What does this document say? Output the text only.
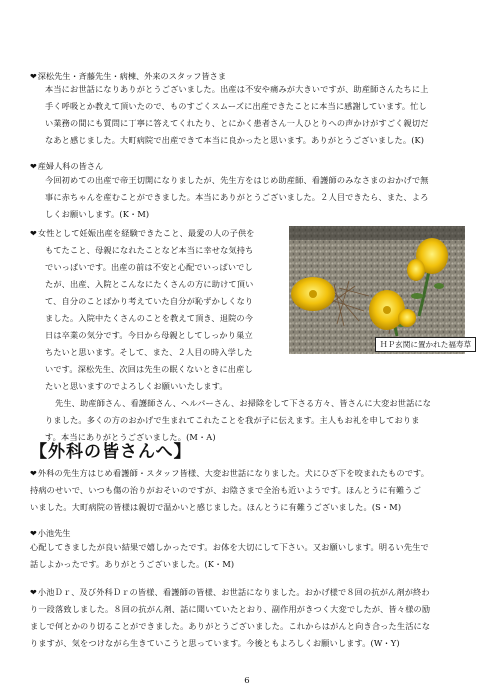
❤深松先生・斉藤先生・病棟、外来のスタッフ皆さま
本当にお世話になりありがとうございました。出産は不安や痛みが大きいですが、助産師さんたちに上
手く呼吸とか教えて頂いたので、ものすごくスムーズに出産できたことに本当に感謝しています。忙し
い業務の間にも質問に丁寧に答えてくれたり、とにかく患者さん一人ひとりへの声かけがすごく親切だ
なあと感じました。大町病院で出産できて本当に良かったと思います。ありがとうございました。(K)
❤産婦人科の皆さん
今回初めての出産で帝王切開になりましたが、先生方をはじめ助産師、看護師のみなさまのおかげで無
事に赤ちゃんを産むことができました。本当にありがとうございました。２人目できたら、また、よろ
しくお願いします。(K・M)
❤女性として妊娠出産を経験できたこと、最愛の人の子供を
もてたこと、母親になれたことなど本当に幸せな気持ち
でいっぱいです。出産の前は不安と心配でいっぱいでし
たが、出産、入院とこんなにたくさんの方に助けて頂い
て、自分のことばかり考えていた自分が恥ずかしくなり
ました。入院中たくさんのことを教えて頂き、退院の今
日は卒業の気分です。今日から母親としてしっかり巣立
ちたいと思います。そして、また、２人目の時入学した
いです。深松先生、次回は先生の眠くないときに出産し
たいと思いますのでよろしくお願いいたします。
先生、助産師さん、看護師さん、ヘルパーさん、お掃除をして下さる方々、皆さんに大変お世話にな
りました。多くの方のおかげで生まれてこれたことを我が子に伝えます。主人もお礼を申しておりま
す。本当にありがとうございました。(M・A)
ＨＰ玄関に置かれた福寿草
【外科の皆さんへ】
❤外科の先生方はじめ看護師・スタッフ皆様、大変お世話になりました。犬にひざ下を咬まれたものです。
持病のせいで、いつも傷の治りがおそいのですが、お陰さまで全治も近いようです。ほんとうに有難うご
いました。大町病院の皆様は親切で温かいと感じました。ほんとうに有難うございました。(S・M)
❤小池先生
心配してきましたが良い結果で嬉しかったです。お体を大切にして下さい。又お願いします。明るい先生で
話しよかったです。ありがとうございました。(K・M)
❤小池Ｄｒ、及び外科Ｄｒの皆様、看護師の皆様、お世話になりました。おかげ様で８回の抗がん剤が終わ
り一段落致しました。８回の抗がん剤、話に聞いていたとおり、副作用がきつく大変でしたが、皆々様の励
ましで何とかのり切ることができました。ありがとうございました。これからはがんと向き合った生活にな
りますが、気をつけながら生きていこうと思っています。今後ともよろしくお願いします。(W・Y)
6
